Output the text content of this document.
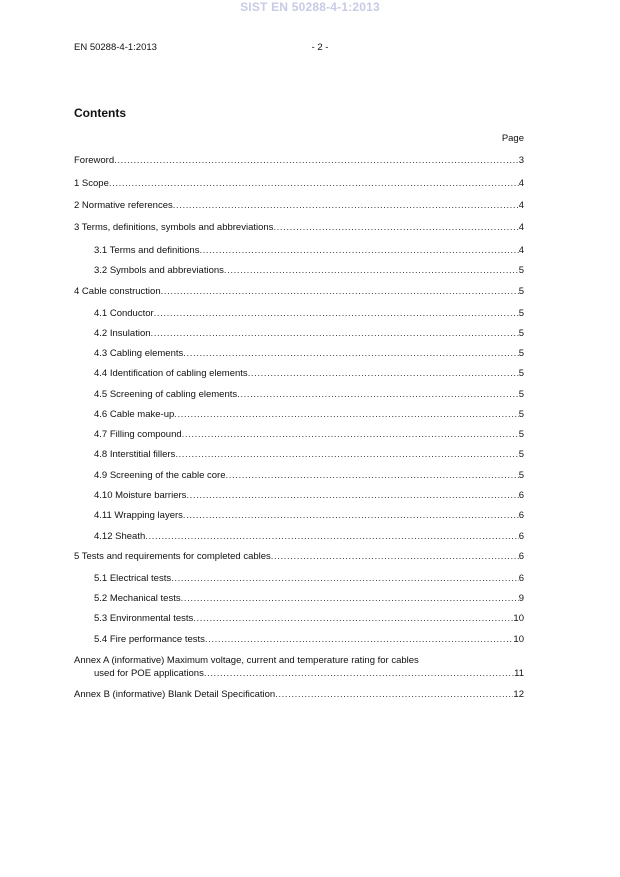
SIST EN 50288-4-1:2013
EN 50288-4-1:2013	- 2 -
Contents
Page
Foreword .....	3
1 Scope .....	4
2 Normative references .....	4
3 Terms, definitions, symbols and abbreviations .....	4
3.1 Terms and definitions .....	4
3.2 Symbols and abbreviations .....	5
4 Cable construction .....	5
4.1 Conductor .....	5
4.2 Insulation .....	5
4.3 Cabling elements .....	5
4.4 Identification of cabling elements .....	5
4.5 Screening of cabling elements .....	5
4.6 Cable make-up .....	5
4.7 Filling compound .....	5
4.8 Interstitial fillers .....	5
4.9 Screening of the cable core .....	5
4.10 Moisture barriers .....	6
4.11 Wrapping layers .....	6
4.12 Sheath .....	6
5 Tests and requirements for completed cables .....	6
5.1 Electrical tests .....	6
5.2 Mechanical tests .....	9
5.3 Environmental tests .....	10
5.4 Fire performance tests .....	10
Annex A (informative) Maximum voltage, current and temperature rating for cables
used for POE applications .....	11
Annex B (informative) Blank Detail Specification .....	12
